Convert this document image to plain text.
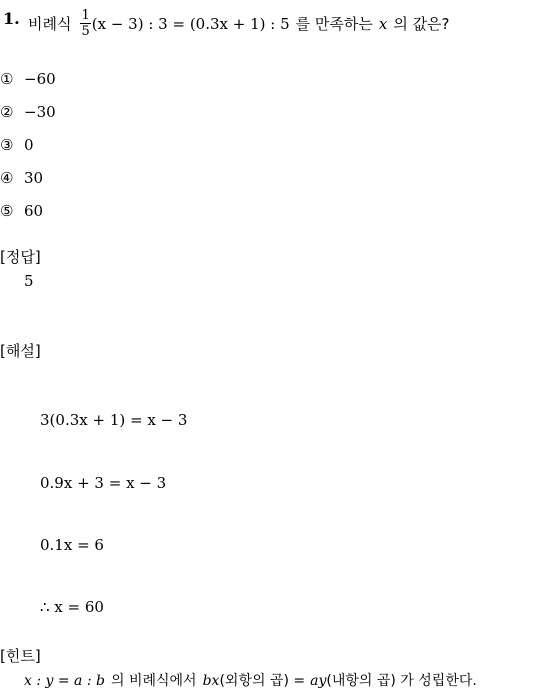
1. 비례식 $\frac{1}{5} (x - 3)$ : 3 = (0.3x + 1) : 5 를 만족하는 x 의 값은?
① −60
② −30
③ 0
④ 30
⑤ 60
[정답]
5
[해설]
3(0.3x + 1) = x − 3
0.9x + 3 = x − 3
0.1x = 6
∴ x = 60
[힌트]
x : y = a : b 의 비례식에서 bx (외항의 곱) = ay (내항의 곱) 가 성립한다.
